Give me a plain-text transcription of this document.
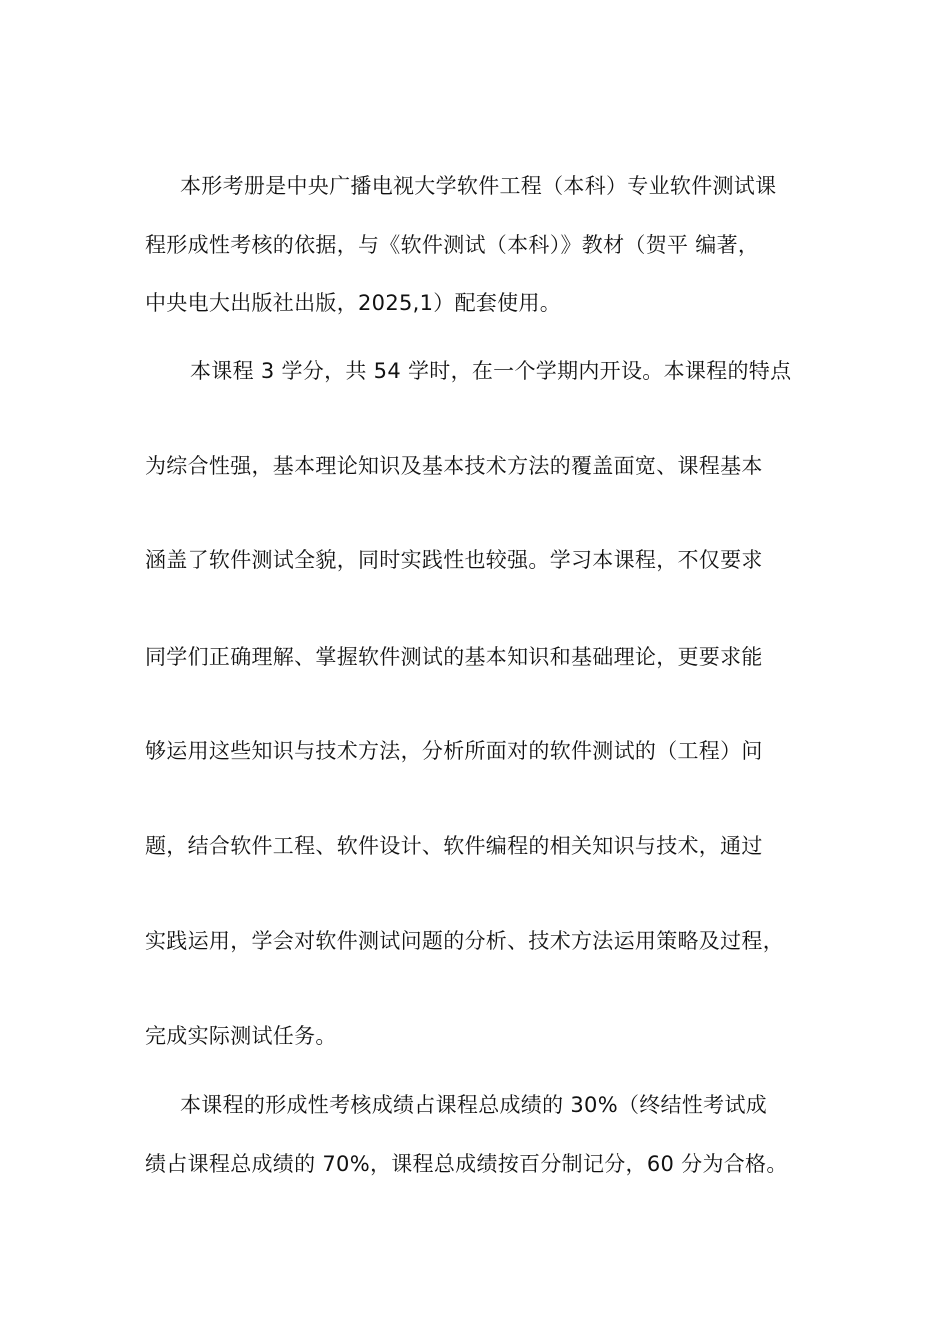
本形考册是中央广播电视大学软件工程（本科）专业软件测试课
程形成性考核的依据，与《软件测试（本科）》教材（贺平 编著，
中央电大出版社出版，2025,1）配套使用。
本课程 3 学分，共 54 学时，在一个学期内开设。本课程的特点
为综合性强，基本理论知识及基本技术方法的覆盖面宽、课程基本
涵盖了软件测试全貌，同时实践性也较强。学习本课程，不仅要求
同学们正确理解、掌握软件测试的基本知识和基础理论，更要求能
够运用这些知识与技术方法，分析所面对的软件测试的（工程）问
题，结合软件工程、软件设计、软件编程的相关知识与技术，通过
实践运用，学会对软件测试问题的分析、技术方法运用策略及过程，
完成实际测试任务。
本课程的形成性考核成绩占课程总成绩的 30%（终结性考试成
绩占课程总成绩的 70%，课程总成绩按百分制记分，60 分为合格。
